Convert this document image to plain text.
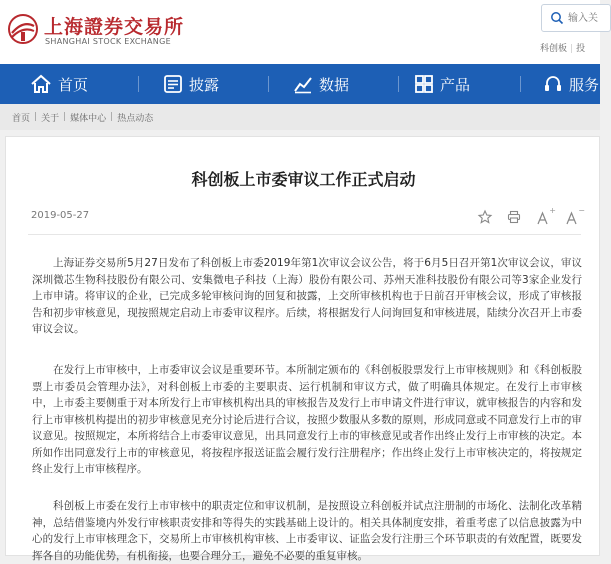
上海證券交易所
SHANGHAI STOCK EXCHANGE
输入关
科创板 | 投
首页	披露	数据	产品	服务
首页 | 关于 | 媒体中心 | 热点动态
科创板上市委审议工作正式启动
2019-05-27	+	−

上海证券交易所5月27日发布了科创板上市委2019年第1次审议会议公告，将于6月5日召开第1次审议会议，审议深圳微芯生物科技股份有限公司、安集微电子科技（上海）股份有限公司、苏州天准科技股份有限公司等3家企业发行上市申请。将审议的企业，已完成多轮审核问询的回复和披露，上交所审核机构也于日前召开审核会议，形成了审核报告和初步审核意见，现按照规定启动上市委审议程序。后续，将根据发行人问询回复和审核进展，陆续分次召开上市委审议会议。

在发行上市审核中，上市委审议会议是重要环节。本所制定颁布的《科创板股票发行上市审核规则》和《科创板股票上市委员会管理办法》，对科创板上市委的主要职责、运行机制和审议方式，做了明确具体规定。在发行上市审核中，上市委主要侧重于对本所发行上市审核机构出具的审核报告及发行上市申请文件进行审议，就审核报告的内容和发行上市审核机构提出的初步审核意见充分讨论后进行合议，按照少数服从多数的原则，形成同意或不同意发行上市的审议意见。按照规定，本所将结合上市委审议意见，出具同意发行上市的审核意见或者作出终止发行上市审核的决定。本所如作出同意发行上市的审核意见，将按程序报送证监会履行发行注册程序；作出终止发行上市审核决定的，将按规定终止发行上市审核程序。

科创板上市委在发行上市审核中的职责定位和审议机制，是按照设立科创板并试点注册制的市场化、法制化改革精神，总结借鉴境内外发行审核职责安排和等得失的实践基础上设计的。相关具体制度安排，着重考虑了以信息披露为中心的发行上市审核理念下，交易所上市审核机构审核、上市委审议、证监会发行注册三个环节职责的有效配置，既要发挥各自的功能优势，有机衔接，也要合理分工，避免不必要的重复审核。
